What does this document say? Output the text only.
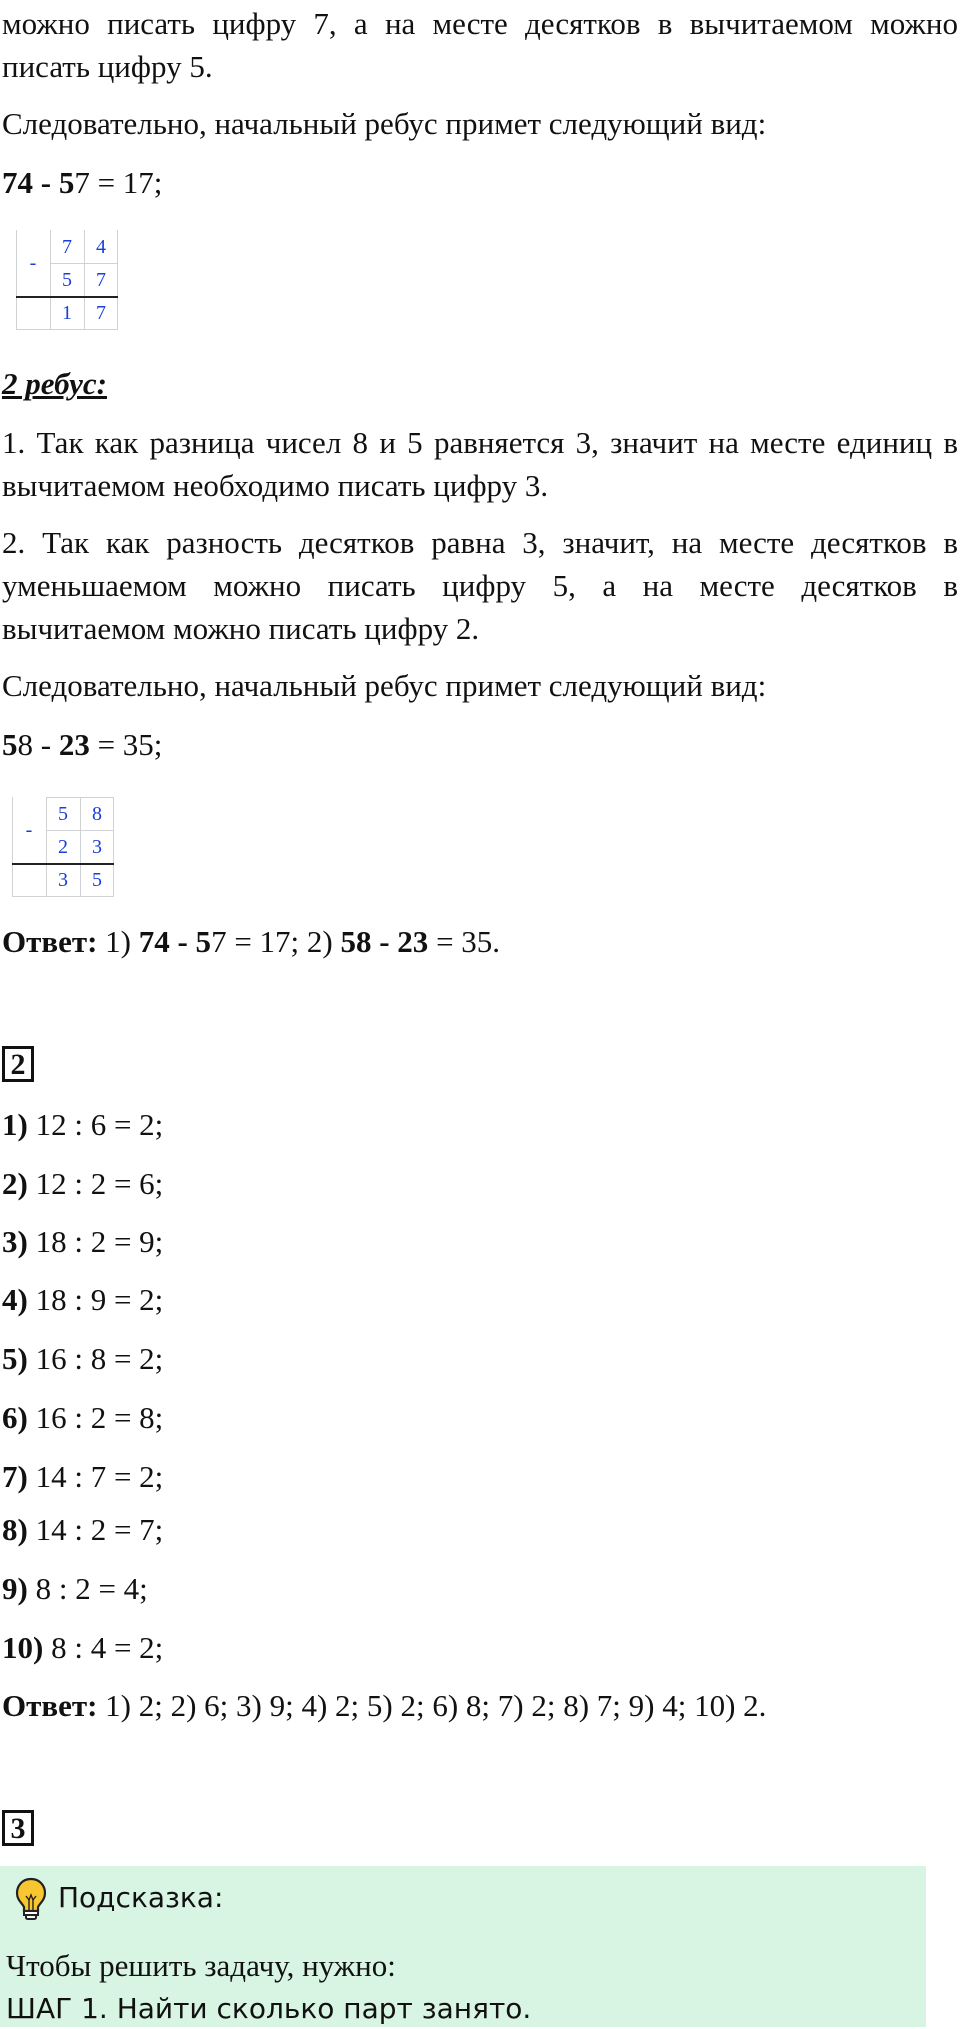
можно писать цифру 7, а на месте десятков в вычитаемом можно писать цифру 5.
Следовательно, начальный ребус примет следующий вид:
74 - 57 = 17;
-
7	4
5	7
1	7
2 ребус:
1. Так как разница чисел 8 и 5 равняется 3, значит на месте единиц в вычитаемом необходимо писать цифру 3.
2. Так как разность десятков равна 3, значит, на месте десятков в уменьшаемом можно писать цифру 5, а на месте десятков в вычитаемом можно писать цифру 2.
Следовательно, начальный ребус примет следующий вид:
58 - 23 = 35;
-
5	8
2	3
3	5
Ответ: 1) 74 - 57 = 17; 2) 58 - 23 = 35.
2
1) 12 : 6 = 2;
2) 12 : 2 = 6;
3) 18 : 2 = 9;
4) 18 : 9 = 2;
5) 16 : 8 = 2;
6) 16 : 2 = 8;
7) 14 : 7 = 2;
8) 14 : 2 = 7;
9) 8 : 2 = 4;
10) 8 : 4 = 2;
Ответ: 1) 2; 2) 6; 3) 9; 4) 2; 5) 2; 6) 8; 7) 2; 8) 7; 9) 4; 10) 2.
3
Подсказка:
Чтобы решить задачу, нужно:
ШАГ 1. Найти сколько парт занято.
